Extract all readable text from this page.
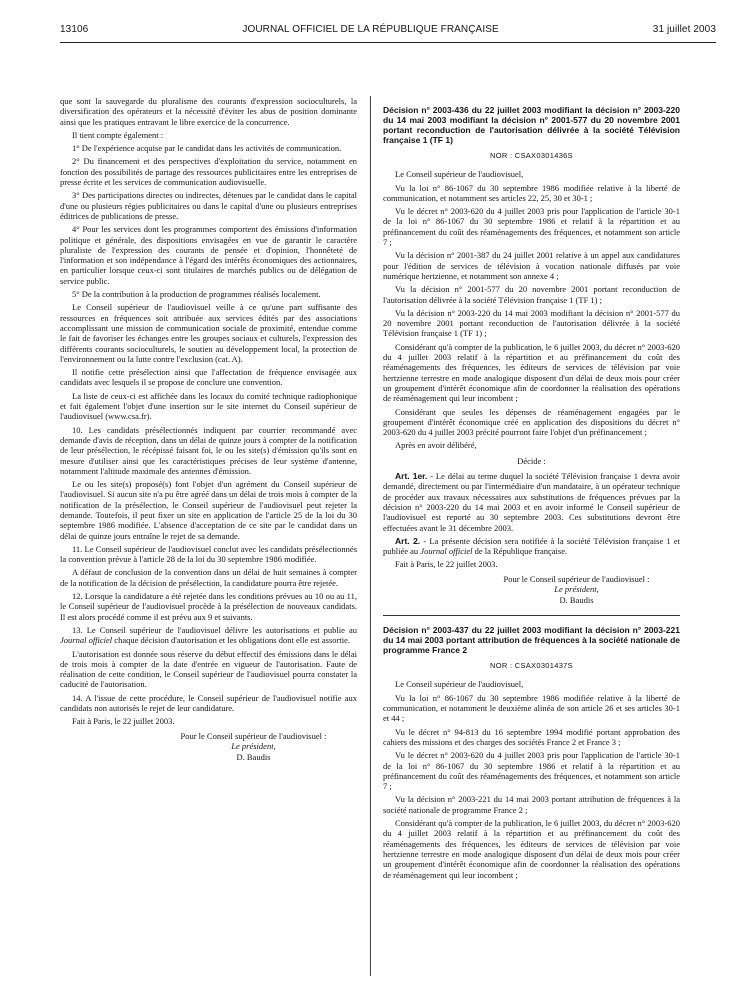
13106	JOURNAL OFFICIEL DE LA RÉPUBLIQUE FRANÇAISE	31 juillet 2003

que sont la sauvegarde du pluralisme des courants d'expression socioculturels, la diversification des opérateurs et la nécessité d'éviter les abus de position dominante ainsi que les pratiques entravant le libre exercice de la concurrence.

Il tient compte également :

1° De l'expérience acquise par le candidat dans les activités de communication.

2° Du financement et des perspectives d'exploitation du service, notamment en fonction des possibilités de partage des ressources publicitaires entre les entreprises de presse écrite et les services de communication audiovisuelle.

3° Des participations directes ou indirectes, détenues par le candidat dans le capital d'une ou plusieurs régies publicitaires ou dans le capital d'une ou plusieurs entreprises éditrices de publications de presse.

4° Pour les services dont les programmes comportent des émissions d'information politique et générale, des dispositions envisagées en vue de garantir le caractère pluraliste de l'expression des courants de pensée et d'opinion, l'honnêteté de l'information et son indépendance à l'égard des intérêts économiques des actionnaires, en particulier lorsque ceux-ci sont titulaires de marchés publics ou de délégation de service public.

5° De la contribution à la production de programmes réalisés localement.

Le Conseil supérieur de l'audiovisuel veille à ce qu'une part suffisante des ressources en fréquences soit attribuée aux services édités par des associations accomplissant une mission de communication sociale de proximité, entendue comme le fait de favoriser les échanges entre les groupes sociaux et culturels, l'expression des différents courants socioculturels, le soutien au développement local, la protection de l'environnement ou la lutte contre l'exclusion (cat. A).

Il notifie cette présélection ainsi que l'affectation de fréquence envisagée aux candidats avec lesquels il se propose de conclure une convention.

La liste de ceux-ci est affichée dans les locaux du comité technique radiophonique et fait également l'objet d'une insertion sur le site internet du Conseil supérieur de l'audiovisuel (www.csa.fr).

10. Les candidats présélectionnés indiquent par courrier recommandé avec demande d'avis de réception, dans un délai de quinze jours à compter de la notification de leur présélection, le récépissé faisant foi, le ou les site(s) d'émission qu'ils sont en mesure d'utiliser ainsi que les caractéristiques précises de leur système d'antenne, notamment l'altitude maximale des antennes d'émission.

Le ou les site(s) proposé(s) font l'objet d'un agrément du Conseil supérieur de l'audiovisuel. Si aucun site n'a pu être agréé dans un délai de trois mois à compter de la notification de la présélection, le Conseil supérieur de l'audiovisuel peut rejeter la demande. Toutefois, il peut fixer un site en application de l'article 25 de la loi du 30 septembre 1986 modifiée. L'absence d'acceptation de ce site par le candidat dans un délai de quinze jours entraîne le rejet de sa demande.

11. Le Conseil supérieur de l'audiovisuel conclut avec les candidats présélectionnés la convention prévue à l'article 28 de la loi du 30 septembre 1986 modifiée.

A défaut de conclusion de la convention dans un délai de huit semaines à compter de la notification de la décision de présélection, la candidature pourra être rejetée.

12. Lorsque la candidature a été rejetée dans les conditions prévues au 10 ou au 11, le Conseil supérieur de l'audiovisuel procède à la présélection de nouveaux candidats. Il est alors procédé comme il est prévu aux 9 et suivants.

13. Le Conseil supérieur de l'audiovisuel délivre les autorisations et publie au Journal officiel chaque décision d'autorisation et les obligations dont elle est assortie.

L'autorisation est donnée sous réserve du début effectif des émissions dans le délai de trois mois à compter de la date d'entrée en vigueur de l'autorisation. Faute de réalisation de cette condition, le Conseil supérieur de l'audiovisuel pourra constater la caducité de l'autorisation.

14. A l'issue de cette procédure, le Conseil supérieur de l'audiovisuel notifie aux candidats non autorisés le rejet de leur candidature.

Fait à Paris, le 22 juillet 2003.

Pour le Conseil supérieur de l'audiovisuel :
Le président,
D. Baudis
Décision n° 2003-436 du 22 juillet 2003 modifiant la décision n° 2003-220 du 14 mai 2003 modifiant la décision n° 2001-577 du 20 novembre 2001 portant reconduction de l'autorisation délivrée à la société Télévision française 1 (TF 1)
NOR : CSAX0301436S

Le Conseil supérieur de l'audiovisuel,

Vu la loi n° 86-1067 du 30 septembre 1986 modifiée relative à la liberté de communication, et notamment ses articles 22, 25, 30 et 30-1 ;

Vu le décret n° 2003-620 du 4 juillet 2003 pris pour l'application de l'article 30-1 de la loi n° 86-1067 du 30 septembre 1986 et relatif à la répartition et au préfinancement du coût des réaménagements des fréquences, et notamment son article 7 ;

Vu la décision n° 2001-387 du 24 juillet 2001 relative à un appel aux candidatures pour l'édition de services de télévision à vocation nationale diffusés par voie numérique hertzienne, et notamment son annexe 4 ;

Vu la décision n° 2001-577 du 20 novembre 2001 portant reconduction de l'autorisation délivrée à la société Télévision française 1 (TF 1) ;

Vu la décision n° 2003-220 du 14 mai 2003 modifiant la décision n° 2001-577 du 20 novembre 2001 portant reconduction de l'autorisation délivrée à la société Télévision française 1 (TF 1) ;

Considérant qu'à compter de la publication, le 6 juillet 2003, du décret n° 2003-620 du 4 juillet 2003 relatif à la répartition et au préfinancement du coût des réaménagements des fréquences, les éditeurs de services de télévision par voie hertzienne terrestre en mode analogique disposent d'un délai de deux mois pour créer un groupement d'intérêt économique afin de coordonner la réalisation des opérations de réaménagement qui leur incombent ;

Considérant que seules les dépenses de réaménagement engagées par le groupement d'intérêt économique créé en application des dispositions du décret n° 2003-620 du 4 juillet 2003 précité pourront faire l'objet d'un préfinancement ;

Après en avoir délibéré,

Décide :

Art. 1er. - Le délai au terme duquel la société Télévision française 1 devra avoir demandé, directement ou par l'intermédiaire d'un mandataire, à un opérateur technique de procéder aux travaux nécessaires aux substitutions de fréquences prévues par la décision n° 2003-220 du 14 mai 2003 et en avoir informé le Conseil supérieur de l'audiovisuel est reporté au 30 septembre 2003. Ces substitutions devront être effectuées avant le 31 décembre 2003.

Art. 2. - La présente décision sera notifiée à la société Télévision française 1 et publiée au Journal officiel de la République française.

Fait à Paris, le 22 juillet 2003.

Pour le Conseil supérieur de l'audiovisuel :
Le président,
D. Baudis
Décision n° 2003-437 du 22 juillet 2003 modifiant la décision n° 2003-221 du 14 mai 2003 portant attribution de fréquences à la société nationale de programme France 2
NOR : CSAX0301437S

Le Conseil supérieur de l'audiovisuel,

Vu la loi n° 86-1067 du 30 septembre 1986 modifiée relative à la liberté de communication, et notamment le deuxième alinéa de son article 26 et ses articles 30-1 et 44 ;

Vu le décret n° 94-813 du 16 septembre 1994 modifié portant approbation des cahiers des missions et des charges des sociétés France 2 et France 3 ;

Vu le décret n° 2003-620 du 4 juillet 2003 pris pour l'application de l'article 30-1 de la loi n° 86-1067 du 30 septembre 1986 et relatif à la répartition et au préfinancement du coût des réaménagements des fréquences, et notamment son article 7 ;

Vu la décision n° 2003-221 du 14 mai 2003 portant attribution de fréquences à la société nationale de programme France 2 ;

Considérant qu'à compter de la publication, le 6 juillet 2003, du décret n° 2003-620 du 4 juillet 2003 relatif à la répartition et au préfinancement du coût des réaménagements des fréquences, les éditeurs de services de télévision par voie hertzienne terrestre en mode analogique disposent d'un délai de deux mois pour créer un groupement d'intérêt économique afin de coordonner la réalisation des opérations de réaménagement qui leur incombent ;
